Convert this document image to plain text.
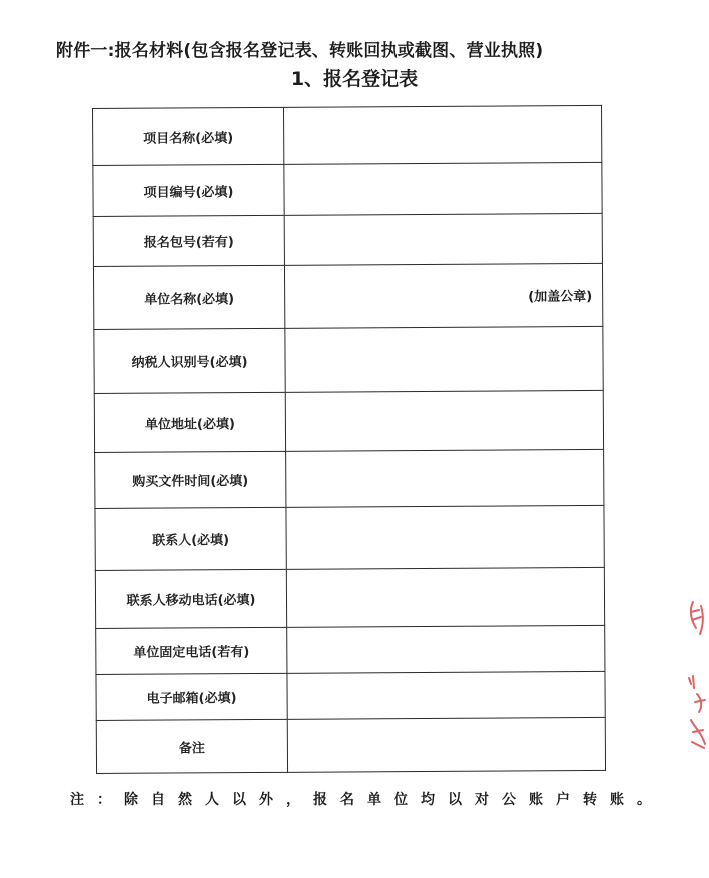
附件一:报名材料(包含报名登记表、转账回执或截图、营业执照)
1、报名登记表
项目名称(必填)	
项目编号(必填)	
报名包号(若有)	
单位名称(必填)	(加盖公章)

纳税人识别号(必填)	
单位地址(必填)	
购买文件时间(必填)	
联系人(必填)	
联系人移动电话(必填)	
单位固定电话(若有)	
电子邮箱(必填)	
备注	
注：除自然人以外，报名单位均以对公账户转账。
